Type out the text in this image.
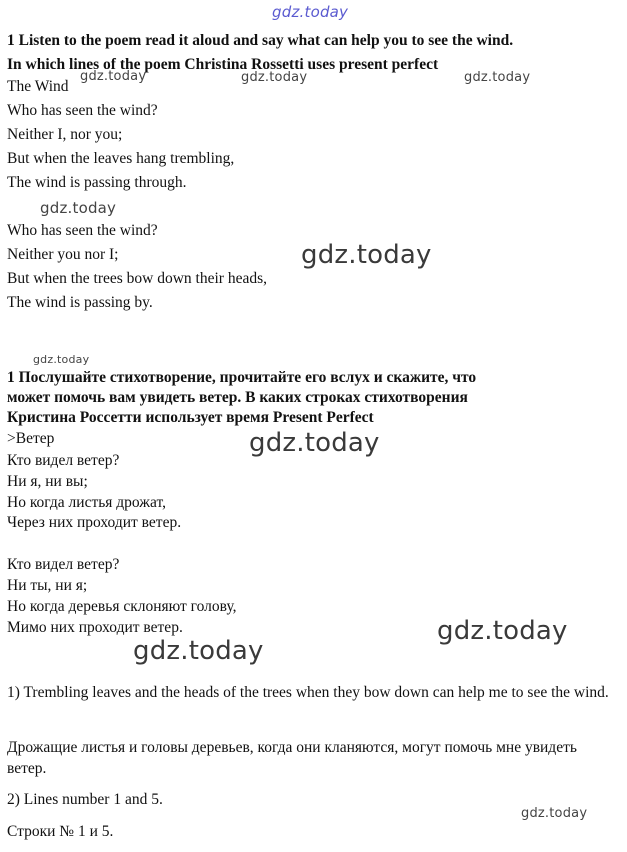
gdz.today
1 Listen to the poem read it aloud and say what can help you to see the wind.
In which lines of the poem Christina Rossetti uses present perfect
gdz.today	gdz.today	gdz.today
The Wind
Who has seen the wind?
Neither I, nor you;
But when the leaves hang trembling,
The wind is passing through.
gdz.today
Who has seen the wind?
Neither you nor I;
But when the trees bow down their heads,
The wind is passing by.
gdz.today
gdz.today
1 Послушайте стихотворение, прочитайте его вслух и скажите, что
может помочь вам увидеть ветер. В каких строках стихотворения
Кристина Россетти использует время Present Perfect
>Ветер
Кто видел ветер?
Ни я, ни вы;
Но когда листья дрожат,
Через них проходит ветер.
gdz.today
Кто видел ветер?
Ни ты, ни я;
Но когда деревья склоняют голову,
Мимо них проходит ветер.	gdz.today
gdz.today
1) Trembling leaves and the heads of the trees when they bow down can help me to see the wind.
Дрожащие листья и головы деревьев, когда они кланяются, могут помочь мне увидеть ветер.
2) Lines number 1 and 5.
gdz.today
Строки № 1 и 5.
